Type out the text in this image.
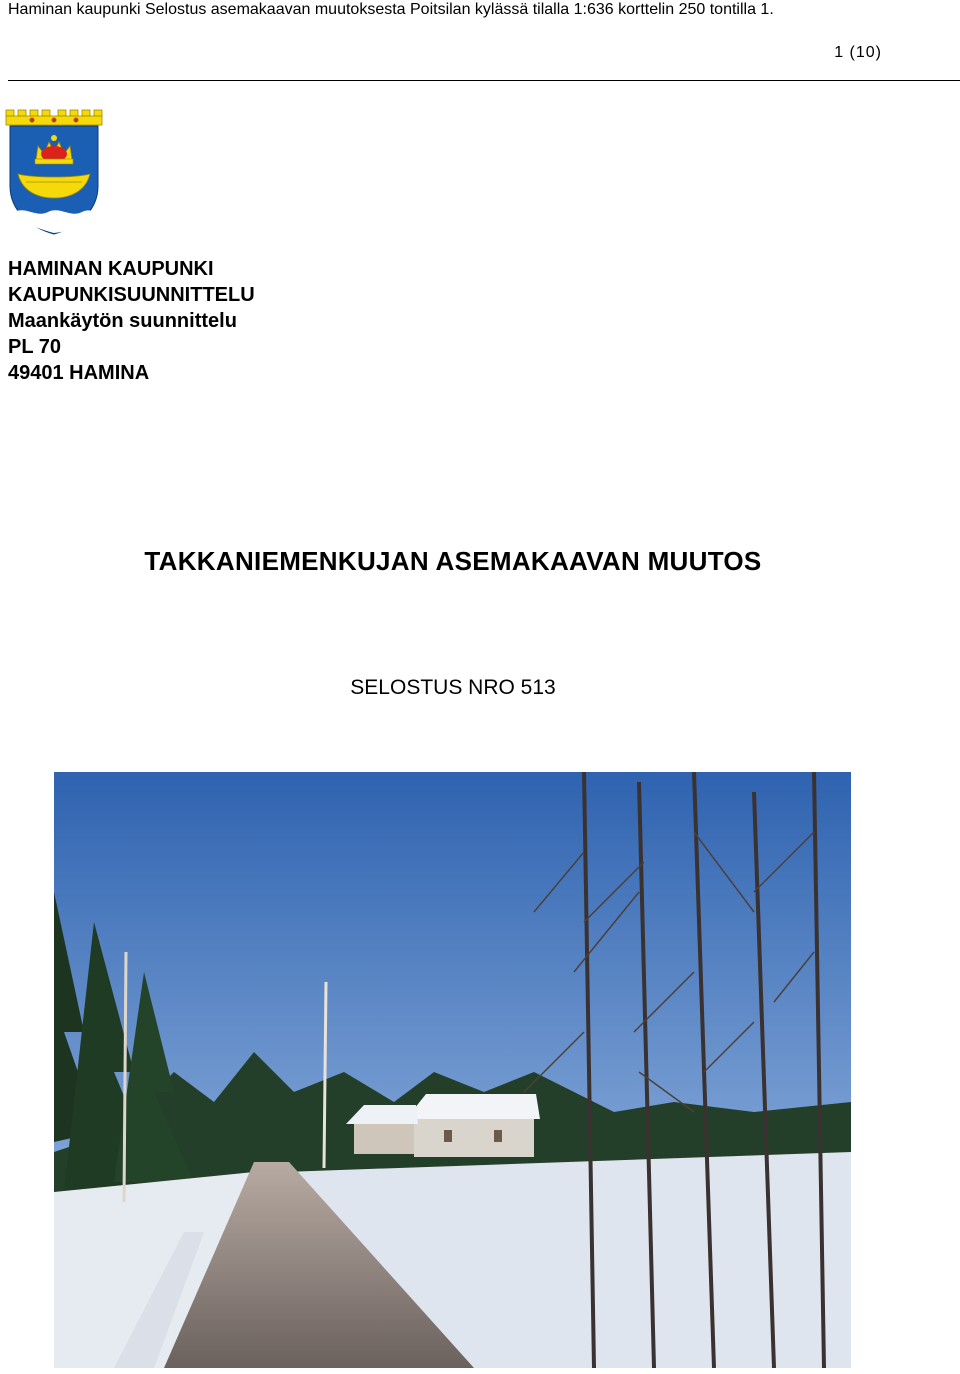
Haminan kaupunki Selostus asemakaavan muutoksesta Poitsilan kylässä tilalla 1:636 korttelin 250 tontilla 1.
1 (10)
HAMINAN KAUPUNKI
KAUPUNKISUUNNITTELU
Maankäytön suunnittelu
PL 70
49401 HAMINA
TAKKANIEMENKUJAN ASEMAKAAVAN MUUTOS
SELOSTUS NRO 513
